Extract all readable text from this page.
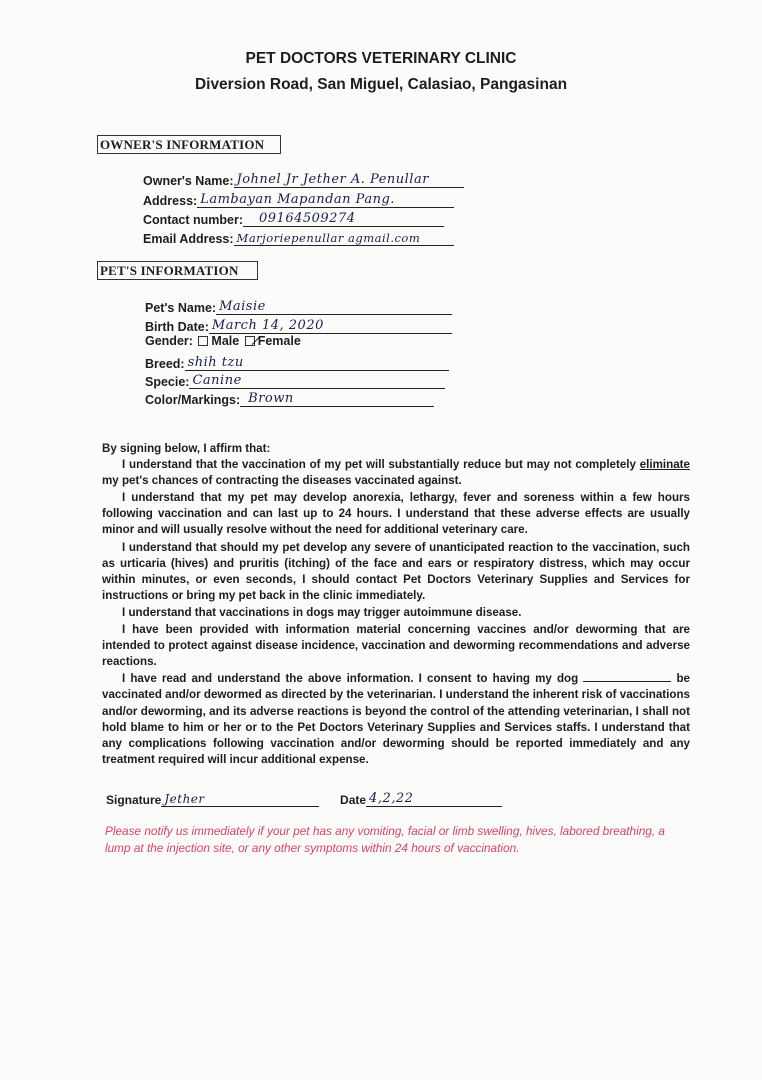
PET DOCTORS VETERINARY CLINIC
Diversion Road, San Miguel, Calasiao, Pangasinan
OWNER'S INFORMATION
Owner's Name: Johnel Jr Jether A. Penullar
Address: Lambayan Mapandan Pang.
Contact number: 09164509274
Email Address: Marjoriepenullar agmail.com
PET'S INFORMATION
Pet's Name: Maisie
Birth Date: March 14, 2020
Gender: Male Female
Breed: shih tzu
Specie: Canine
Color/Markings: Brown

By signing below, I affirm that:

I understand that the vaccination of my pet will substantially reduce but may not completely eliminate my pet's chances of contracting the diseases vaccinated against.

I understand that my pet may develop anorexia, lethargy, fever and soreness within a few hours following vaccination and can last up to 24 hours. I understand that these adverse effects are usually minor and will usually resolve without the need for additional veterinary care.

I understand that should my pet develop any severe of unanticipated reaction to the vaccination, such as urticaria (hives) and pruritis (itching) of the face and ears or respiratory distress, which may occur within minutes, or even seconds, I should contact Pet Doctors Veterinary Supplies and Services for instructions or bring my pet back in the clinic immediately.

I understand that vaccinations in dogs may trigger autoimmune disease.

I have been provided with information material concerning vaccines and/or deworming that are intended to protect against disease incidence, vaccination and deworming recommendations and adverse reactions.

I have read and understand the above information. I consent to having my dog	be vaccinated and/or dewormed as directed by the veterinarian. I understand the inherent risk of vaccinations and/or deworming, and its adverse reactions is beyond the control of the attending veterinarian, I shall not hold blame to him or her or to the Pet Doctors Veterinary Supplies and Services staffs. I understand that any complications following vaccination and/or deworming should be reported immediately and any treatment required will incur additional expense.

Signature Jether	Date 4,2,22
Please notify us immediately if your pet has any vomiting, facial or limb swelling, hives, labored breathing, a lump at the injection site, or any other symptoms within 24 hours of vaccination.
